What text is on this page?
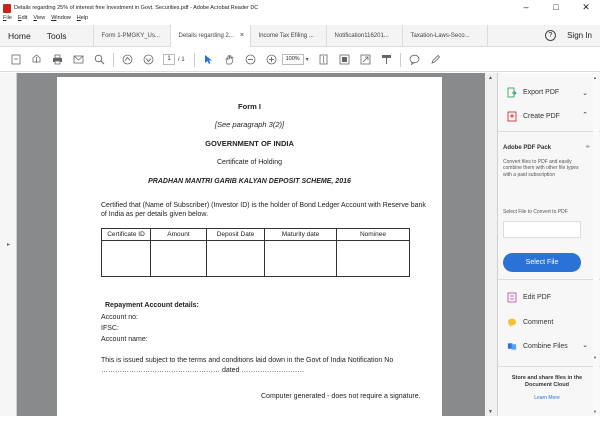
Details regarding 25% of interest free Investment in Govt. Securities.pdf - Adobe Acrobat Reader DC	–	□	✕
File Edit View Window Help
Home	Tools	Form 1-PMGKY_Us...	Details regarding 2... × Income Tax Efiling ...	Notification116201...	Taxation-Laws-Seco...	?	Sign In
1	/ 1	100% ▾
▸
Form I
[See paragraph 3(2)]
GOVERNMENT OF INDIA
Certificate of Holding
PRADHAN MANTRI GARIB KALYAN DEPOSIT SCHEME, 2016
Certified that (Name of Subscriber) (Investor ID) is the holder of Bond Ledger Account with Reserve bank
of India as per details given below.
Certificate ID	Amount	Deposit Date	Maturity date	Nominee

Repayment Account details:
Account no:
IFSC:
Account name:
This is issued subject to the terms and conditions laid down in the Govt of India Notification No
…………………………………………… dated ………………………
Computer generated - does not require a signature.
▲
▼
Export PDF	⌄
Create PDF	⌃
Adobe PDF Pack	⌖
Convert files to PDF and easily combine them with other file types with a paid subscription
Select File to Convert to PDF
Select File
Edit PDF
Comment
Combine Files ⌄
Store and share files in the Document Cloud
Learn More
▲
▼
▼
